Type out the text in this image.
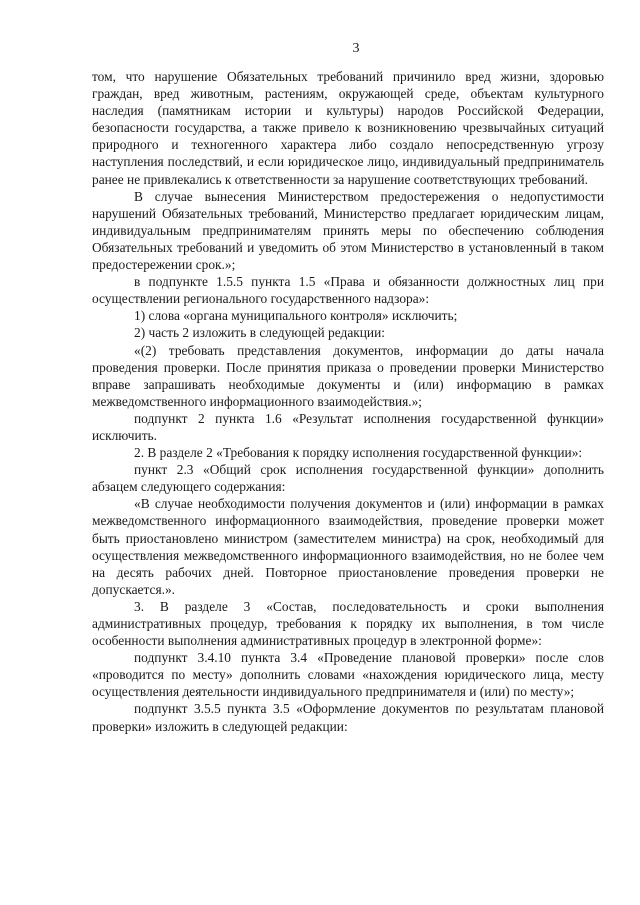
3

том, что нарушение Обязательных требований причинило вред жизни, здоровью граждан, вред животным, растениям, окружающей среде, объектам культурного наследия (памятникам истории и культуры) народов Российской Федерации, безопасности государства, а также привело к возникновению чрезвычайных ситуаций природного и техногенного характера либо создало непосредственную угрозу наступления последствий, и если юридическое лицо, индивидуальный предприниматель ранее не привлекались к ответственности за нарушение соответствующих требований.

В случае вынесения Министерством предостережения о недопустимости нарушений Обязательных требований, Министерство предлагает юридическим лицам, индивидуальным предпринимателям принять меры по обеспечению соблюдения Обязательных требований и уведомить об этом Министерство в установленный в таком предостережении срок.»;

в подпункте 1.5.5 пункта 1.5 «Права и обязанности должностных лиц при осуществлении регионального государственного надзора»:

1) слова «органа муниципального контроля» исключить;

2) часть 2 изложить в следующей редакции:

«(2) требовать представления документов, информации до даты начала проведения проверки. После принятия приказа о проведении проверки Министерство вправе запрашивать необходимые документы и (или) информацию в рамках межведомственного информационного взаимодействия.»;

подпункт 2 пункта 1.6 «Результат исполнения государственной функции» исключить.

2. В разделе 2 «Требования к порядку исполнения государственной функции»:

пункт 2.3 «Общий срок исполнения государственной функции» дополнить абзацем следующего содержания:

«В случае необходимости получения документов и (или) информации в рамках межведомственного информационного взаимодействия, проведение проверки может быть приостановлено министром (заместителем министра) на срок, необходимый для осуществления межведомственного информационного взаимодействия, но не более чем на десять рабочих дней. Повторное приостановление проведения проверки не допускается.».

3. В разделе 3 «Состав, последовательность и сроки выполнения административных процедур, требования к порядку их выполнения, в том числе особенности выполнения административных процедур в электронной форме»:

подпункт 3.4.10 пункта 3.4 «Проведение плановой проверки» после слов «проводится по месту» дополнить словами «нахождения юридического лица, месту осуществления деятельности индивидуального предпринимателя и (или) по месту»;

подпункт 3.5.5 пункта 3.5 «Оформление документов по результатам плановой проверки» изложить в следующей редакции:
